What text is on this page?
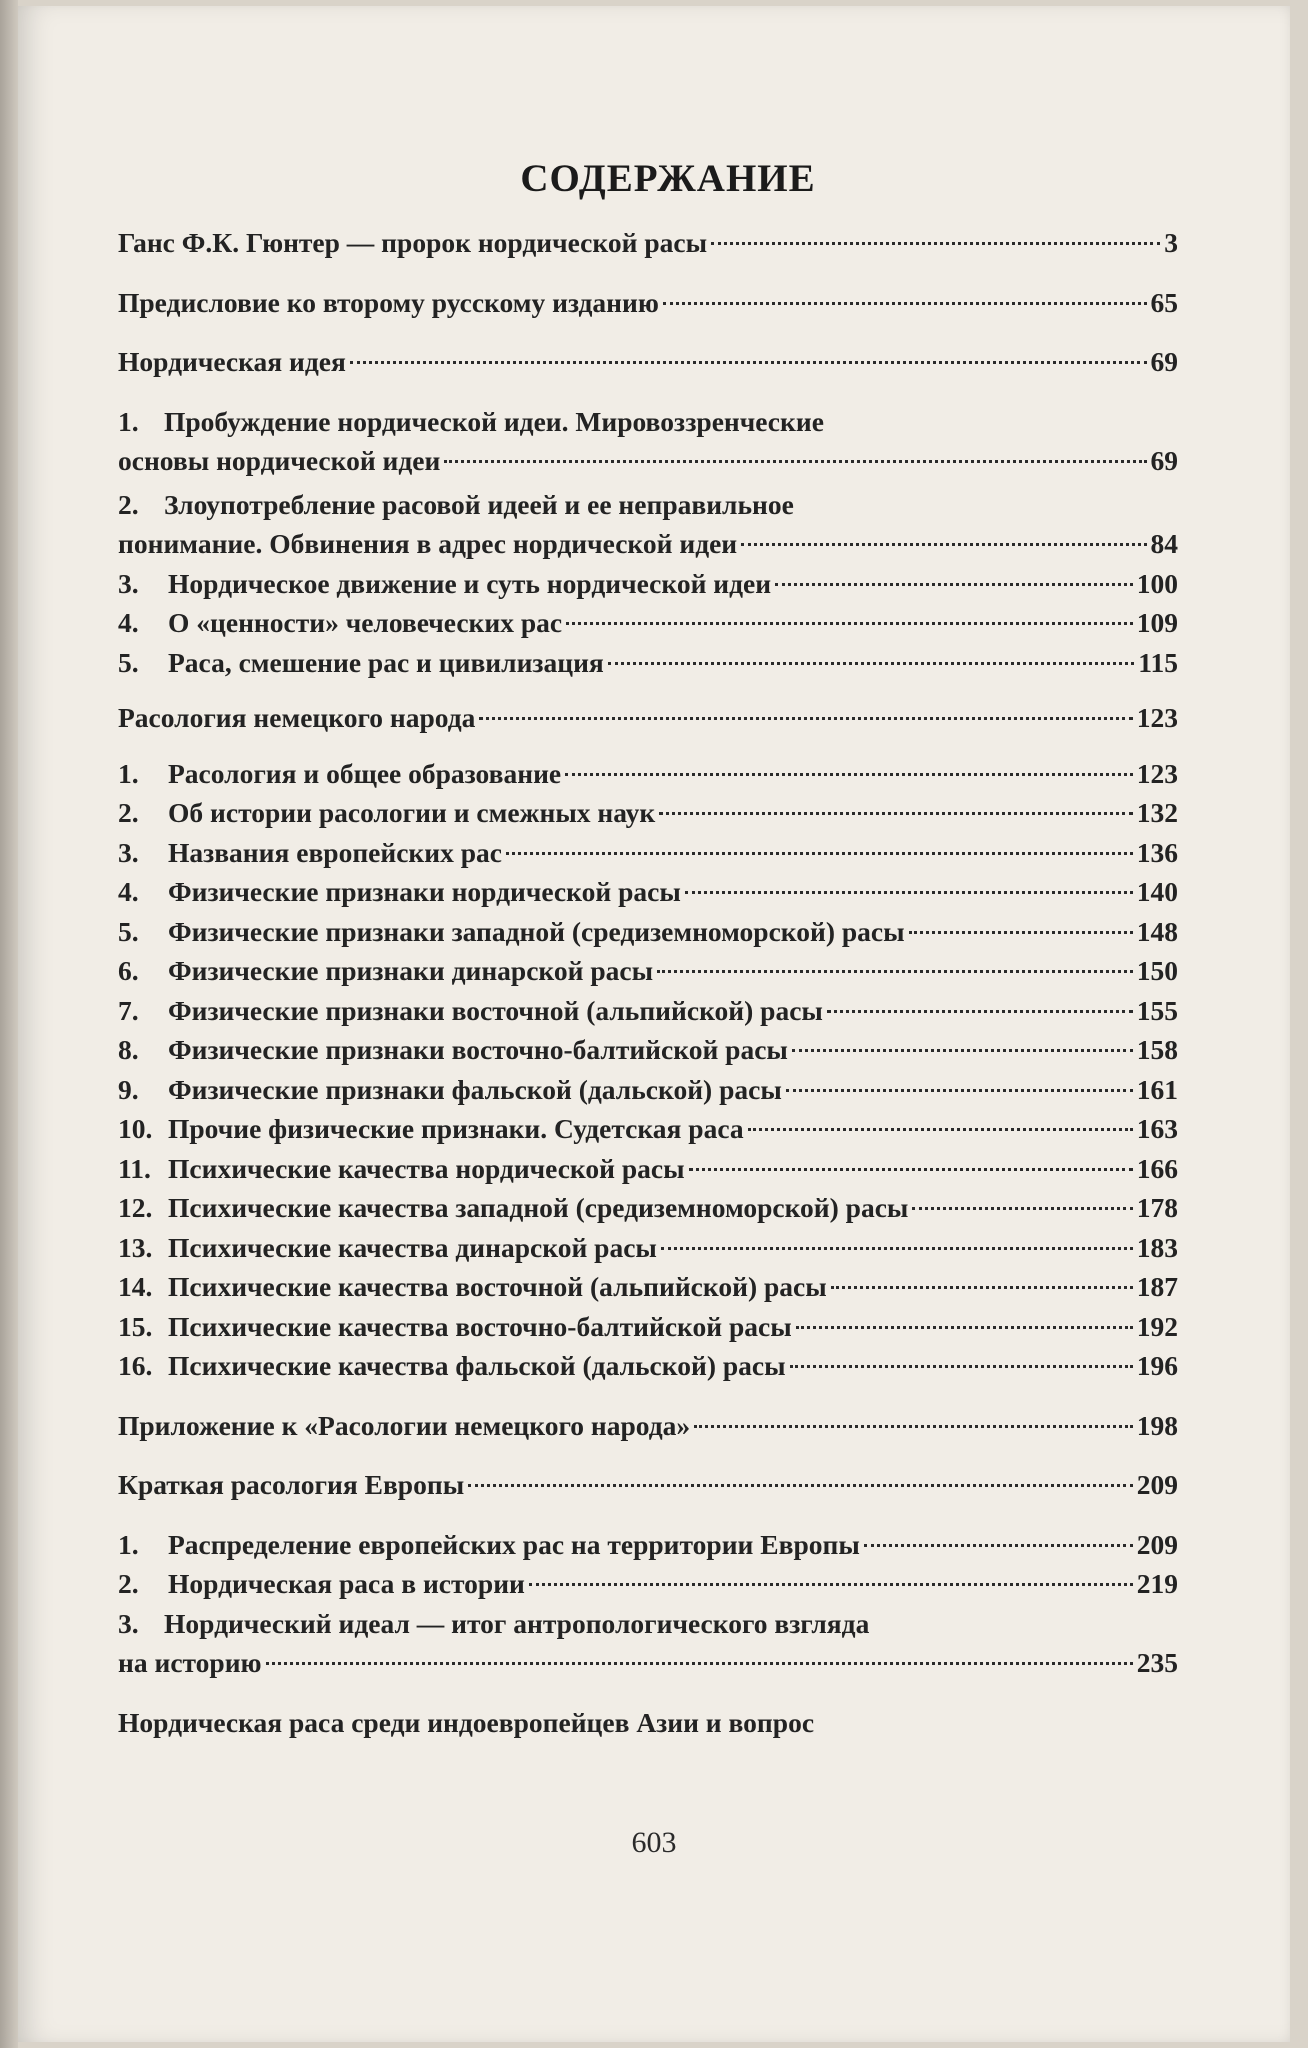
СОДЕРЖАНИЕ
Ганс Ф.К. Гюнтер — пророк нордической расы	3
Предисловие ко второму русскому изданию	65
Нордическая идея	69
1. Пробуждение нордической идеи. Мировоззренческие
основы нордической идеи	69
2. Злоупотребление расовой идеей и ее неправильное
понимание. Обвинения в адрес нордической идеи	84
3.	Нордическое движение и суть нордической идеи	100
4.	О «ценности» человеческих рас	109
5.	Раса, смешение рас и цивилизация	115
Расология немецкого народа	123
1.	Расология и общее образование	123
2.	Об истории расологии и смежных наук	132
3.	Названия европейских рас	136
4.	Физические признаки нордической расы	140
5.	Физические признаки западной (средиземноморской) расы	148
6.	Физические признаки динарской расы	150
7.	Физические признаки восточной (альпийской) расы	155
8.	Физические признаки восточно-балтийской расы	158
9.	Физические признаки фальской (дальской) расы	161
10. Прочие физические признаки. Судетская раса	163
11. Психические качества нордической расы	166
12. Психические качества западной (средиземноморской) расы	178
13. Психические качества динарской расы	183
14. Психические качества восточной (альпийской) расы	187
15. Психические качества восточно-балтийской расы	192
16. Психические качества фальской (дальской) расы	196
Приложение к «Расологии немецкого народа»	198
Краткая расология Европы	209
1.	Распределение европейских рас на территории Европы	209
2.	Нордическая раса в истории	219
3. Нордический идеал — итог антропологического взгляда
на историю	235
Нордическая раса среди индоевропейцев Азии и вопрос
603
